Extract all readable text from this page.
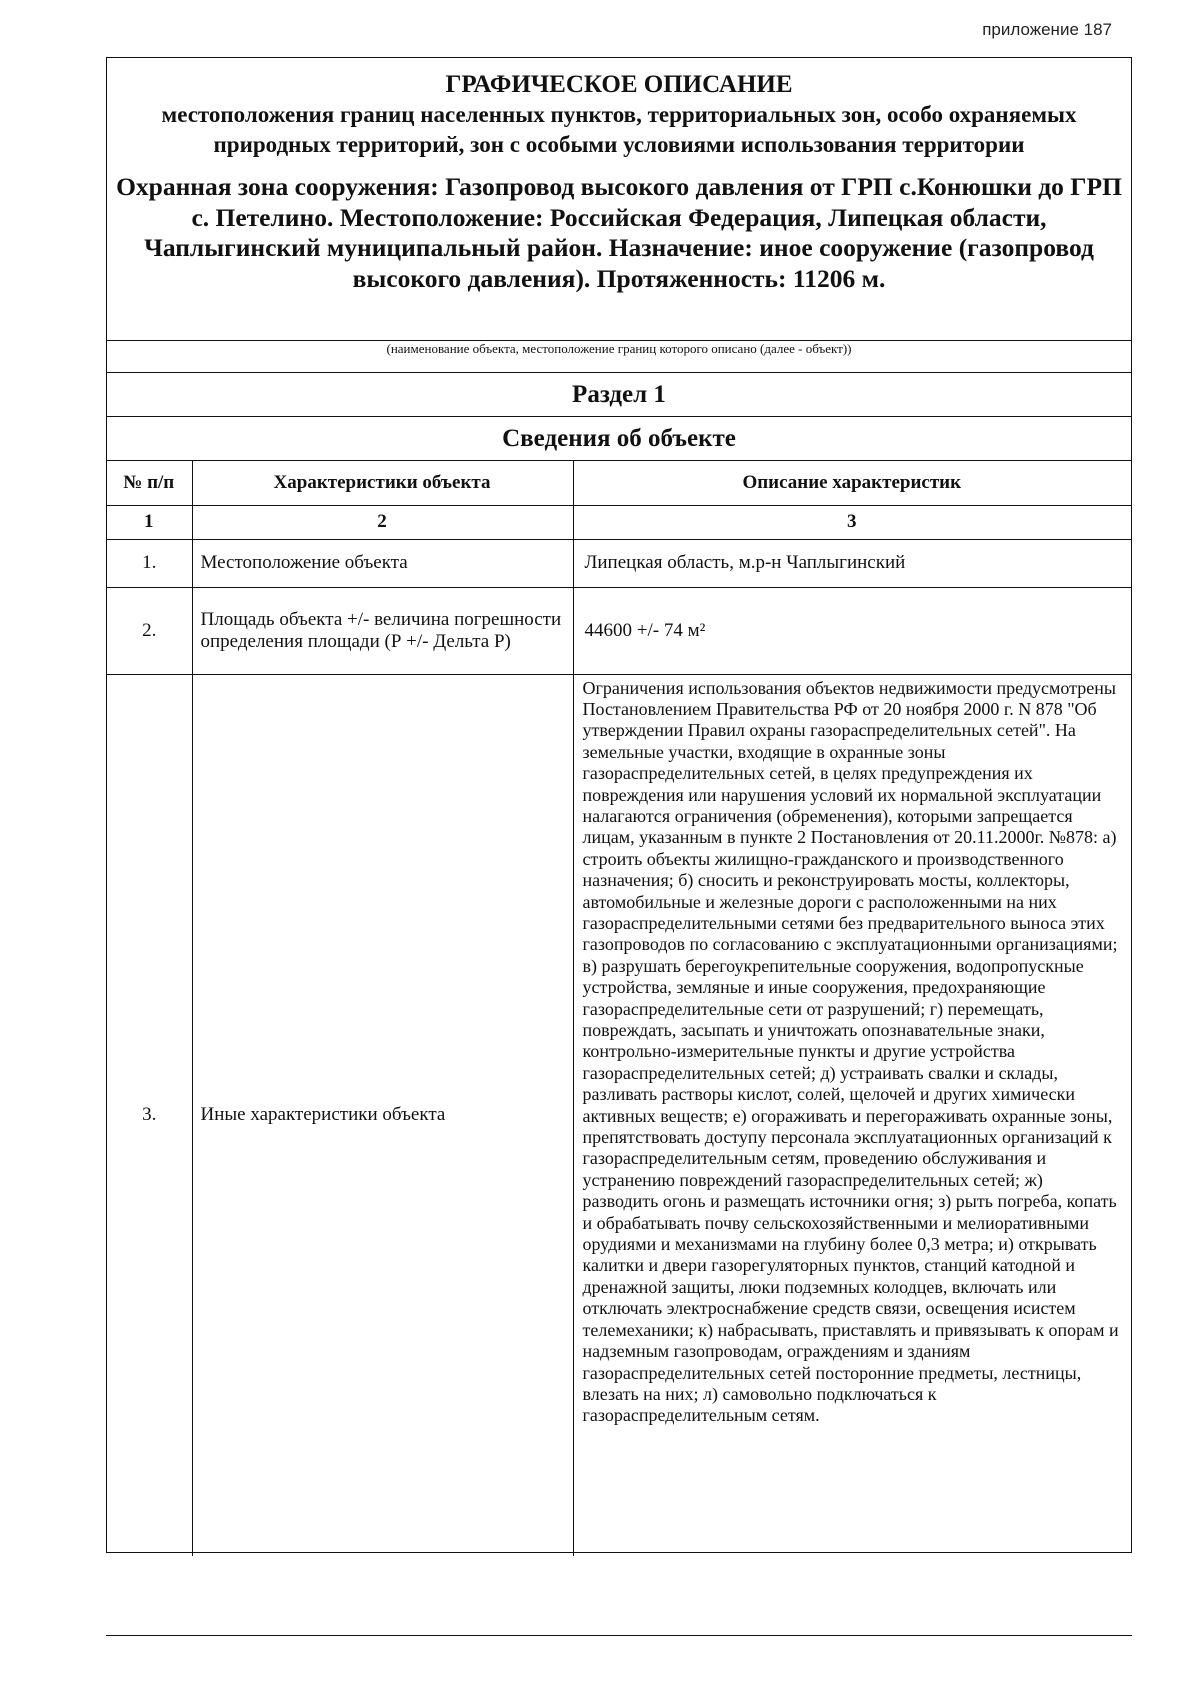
приложение 187
ГРАФИЧЕСКОЕ ОПИСАНИЕ
местоположения границ населенных пунктов, территориальных зон, особо охраняемых природных территорий, зон с особыми условиями использования территории
Охранная зона сооружения: Газопровод высокого давления от ГРП с.Конюшки до ГРП с. Петелино. Местоположение: Российская Федерация, Липецкая области, Чаплыгинский муниципальный район. Назначение: иное сооружение (газопровод высокого давления). Протяженность: 11206 м.
(наименование объекта, местоположение границ которого описано (далее - объект))
Раздел 1
Сведения об объекте
№ п/п	Характеристики объекта	Описание характеристик
1	2	3
1.	Местоположение объекта	Липецкая область, м.р-н Чаплыгинский
2.	Площадь объекта +/- величина погрешности определения площади (Р +/- Дельта Р)	44600 +/- 74 м²
3.	Иные характеристики объекта	Ограничения использования объектов недвижимости предусмотрены Постановлением Правительства РФ от 20 ноября 2000 г. N 878 "Об утверждении Правил охраны газораспределительных сетей". На земельные участки, входящие в охранные зоны газораспределительных сетей, в целях предупреждения их повреждения или нарушения условий их нормальной эксплуатации налагаются ограничения (обременения), которыми запрещается лицам, указанным в пункте 2 Постановления от 20.11.2000г. №878: а) строить объекты жилищно-гражданского и производственного назначения; б) сносить и реконструировать мосты, коллекторы, автомобильные и железные дороги с расположенными на них газораспределительными сетями без предварительного выноса этих газопроводов по согласованию с эксплуатационными организациями; в) разрушать берегоукрепительные сооружения, водопропускные устройства, земляные и иные сооружения, предохраняющие газораспределительные сети от разрушений; г) перемещать, повреждать, засыпать и уничтожать опознавательные знаки, контрольно-измерительные пункты и другие устройства газораспределительных сетей; д) устраивать свалки и склады, разливать растворы кислот, солей, щелочей и других химически активных веществ; е) огораживать и перегораживать охранные зоны, препятствовать доступу персонала эксплуатационных организаций к газораспределительным сетям, проведению обслуживания и устранению повреждений газораспределительных сетей; ж) разводить огонь и размещать источники огня; з) рыть погреба, копать и обрабатывать почву сельскохозяйственными и мелиоративными орудиями и механизмами на глубину более 0,3 метра; и) открывать калитки и двери газорегуляторных пунктов, станций катодной и дренажной защиты, люки подземных колодцев, включать или отключать электроснабжение средств связи, освещения исистем телемеханики; к) набрасывать, приставлять и привязывать к опорам и надземным газопроводам, ограждениям и зданиям газораспределительных сетей посторонние предметы, лестницы, влезать на них; л) самовольно подключаться к газораспределительным сетям.
